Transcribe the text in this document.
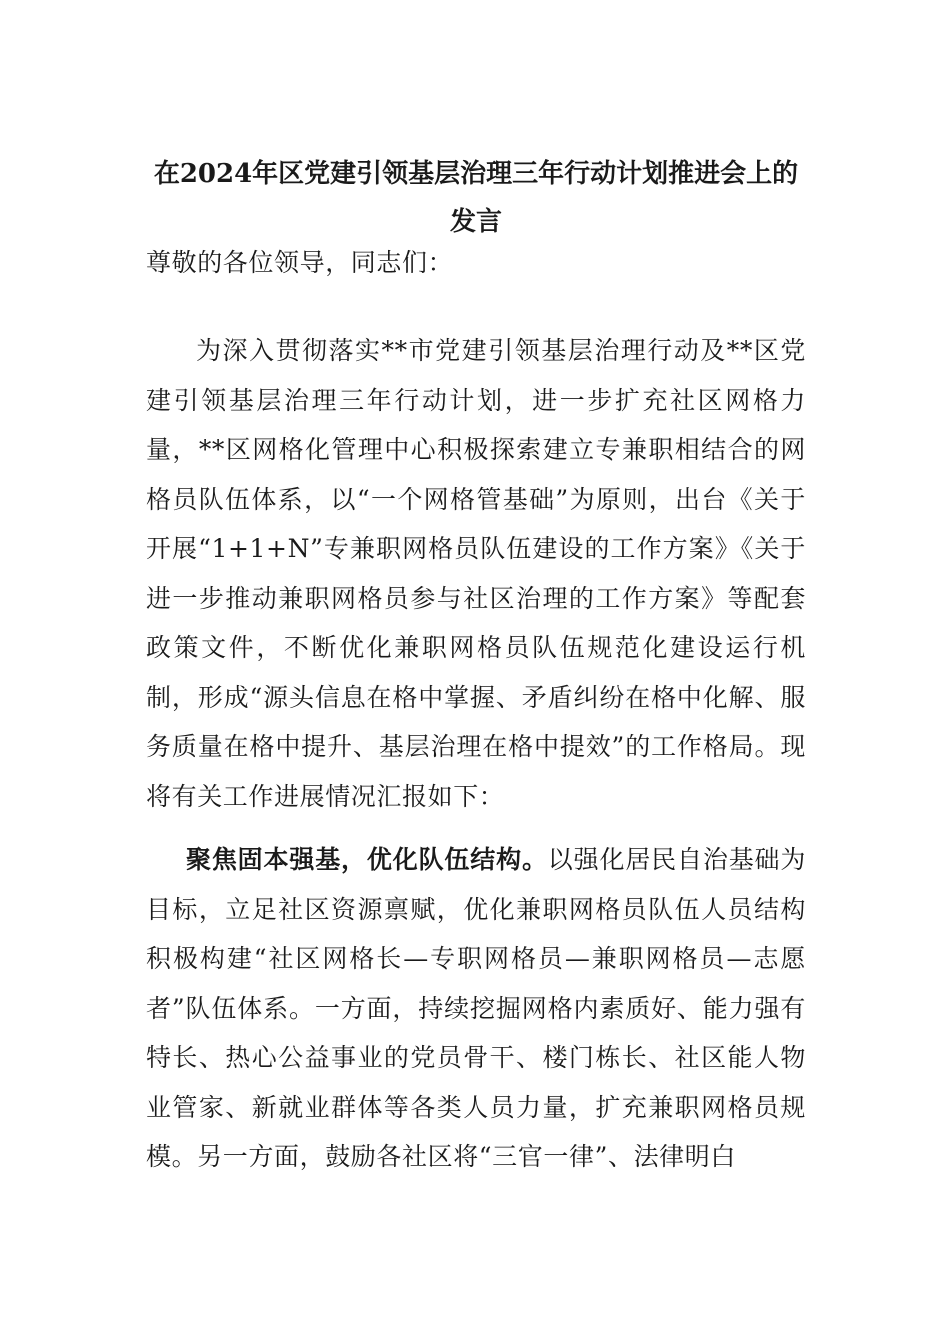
在2024年区党建引领基层治理三年行动计划推进会上的发言

尊敬的各位领导，同志们：

为深入贯彻落实**市党建引领基层治理行动及**区党建引领基层治理三年行动计划，进一步扩充社区网格力量，**区网格化管理中心积极探索建立专兼职相结合的网格员队伍体系，以“一个网格管基础”为原则，出台《关于开展“1+1+N”专兼职网格员队伍建设的工作方案》《关于进一步推动兼职网格员参与社区治理的工作方案》等配套政策文件，不断优化兼职网格员队伍规范化建设运行机制，形成“源头信息在格中掌握、矛盾纠纷在格中化解、服务质量在格中提升、基层治理在格中提效”的工作格局。现将有关工作进展情况汇报如下：

聚焦固本强基，优化队伍结构。以强化居民自治基础为目标，立足社区资源禀赋，优化兼职网格员队伍人员结构积极构建“社区网格长—专职网格员—兼职网格员—志愿者”队伍体系。一方面，持续挖掘网格内素质好、能力强有特长、热心公益事业的党员骨干、楼门栋长、社区能人物业管家、新就业群体等各类人员力量，扩充兼职网格员规模。另一方面，鼓励各社区将“三官一律”、法律明白
